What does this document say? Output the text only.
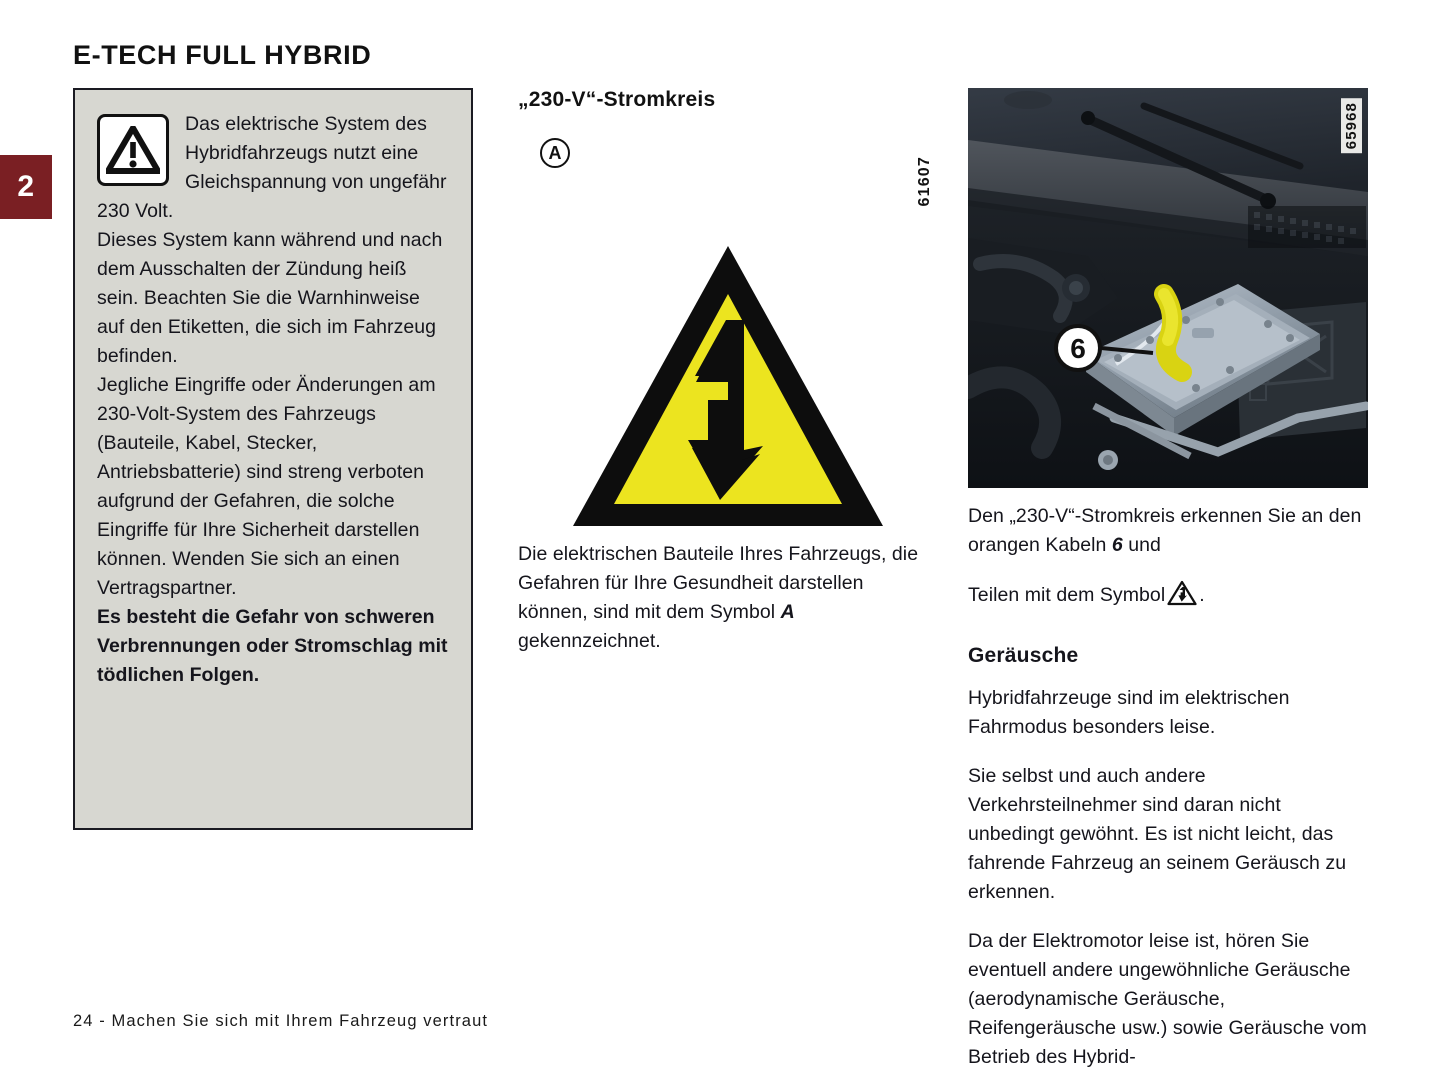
2
E-TECH FULL HYBRID

Das elektrische System des Hybridfahrzeugs nutzt eine Gleichspannung von ungefähr 230 Volt.

Dieses System kann während und nach dem Ausschalten der Zündung heiß sein. Beachten Sie die Warnhinweise auf den Etiketten, die sich im Fahrzeug befinden.

Jegliche Eingriffe oder Änderungen am 230-Volt-System des Fahrzeugs (Bauteile, Kabel, Stecker, Antriebsbatterie) sind streng verboten aufgrund der Gefahren, die solche Eingriffe für Ihre Sicherheit darstellen können. Wenden Sie sich an einen Vertragspartner.

Es besteht die Gefahr von schweren Verbrennungen oder Stromschlag mit tödlichen Folgen.

„230-V“-Stromkreis
A
61607

Die elektrischen Bauteile Ihres Fahrzeugs, die Gefahren für Ihre Gesundheit darstellen können, sind mit dem Symbol A gekennzeichnet.

6
65968

Den „230-V“-Stromkreis erkennen Sie an den orangen Kabeln 6 und

Teilen mit dem Symbol .

Geräusche

Hybridfahrzeuge sind im elektrischen Fahrmodus besonders leise.

Sie selbst und auch andere Verkehrsteilnehmer sind daran nicht unbedingt gewöhnt. Es ist nicht leicht, das fahrende Fahrzeug an seinem Geräusch zu erkennen.

Da der Elektromotor leise ist, hören Sie eventuell andere ungewöhnliche Geräusche (aerodynamische Geräusche, Reifengeräusche usw.) sowie Geräusche vom Betrieb des Hybrid-

24 - Machen Sie sich mit Ihrem Fahrzeug vertraut
